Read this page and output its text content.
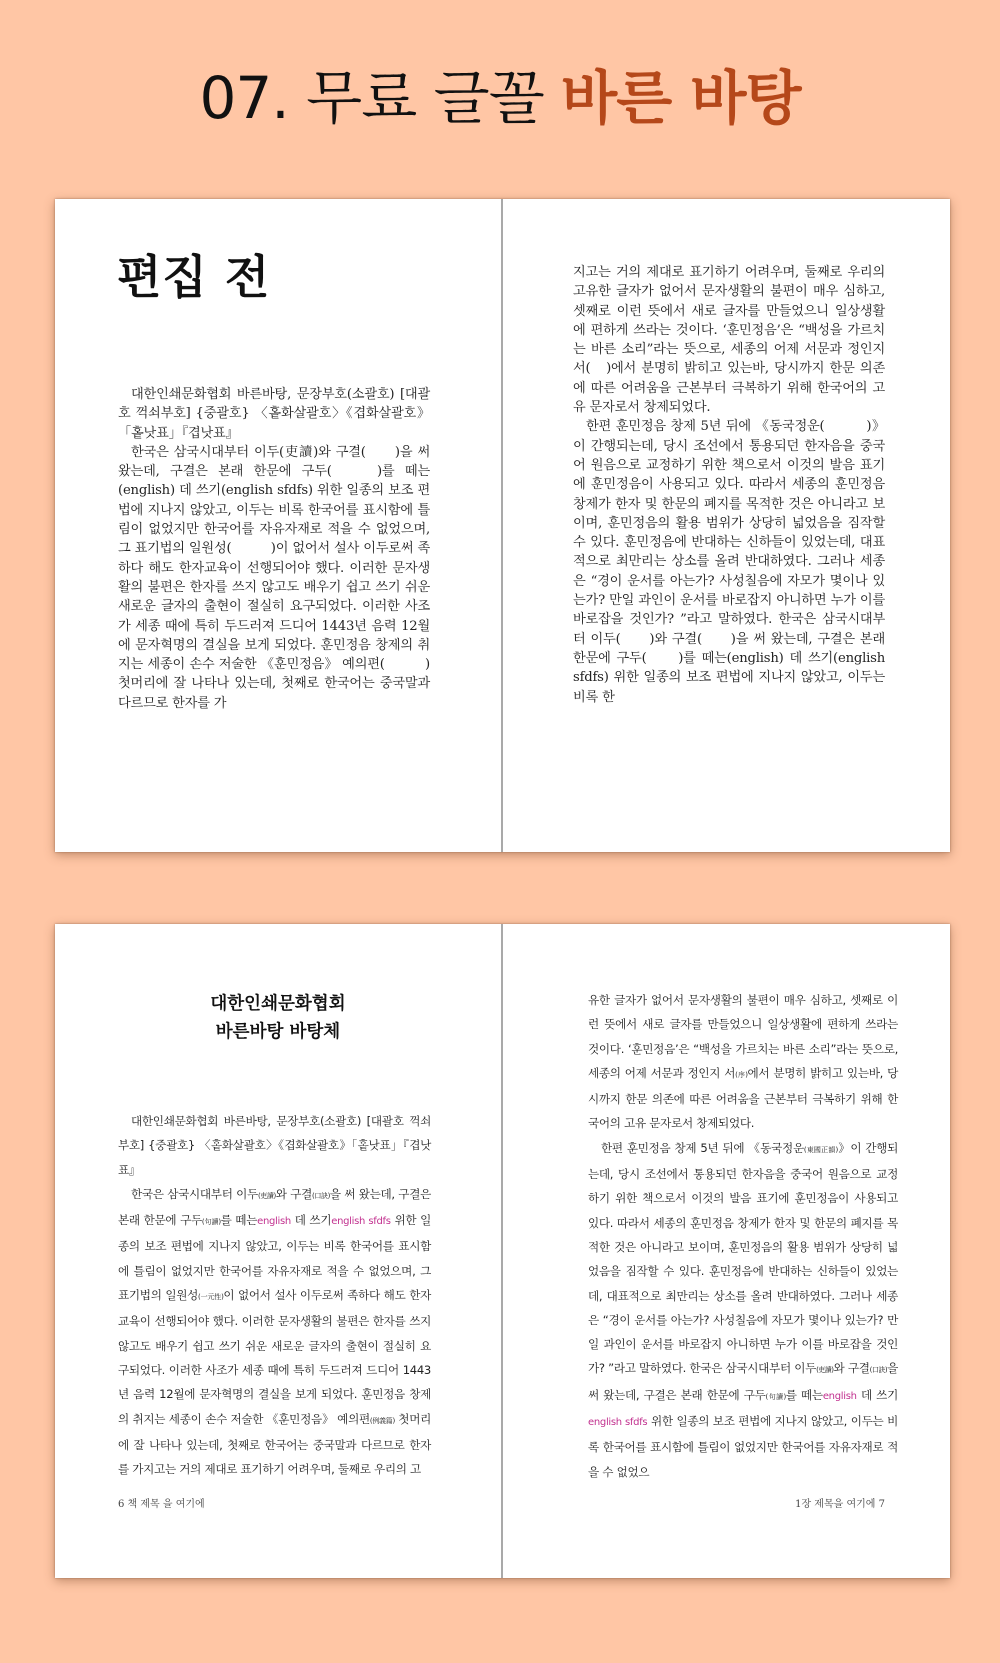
07. 무료 글꼴 바른 바탕
편집 전

대한인쇄문화협회 바른바탕, 문장부호(소괄호) [대괄호 꺽쇠부호] {중괄호} 〈홑화살괄호〉《겹화살괄호》「홑낫표」『겹낫표』

한국은 삼국시대부터 이두(吏讀)와 구결(　　)을 써 왔는데, 구결은 본래 한문에 구두(　　)를 떼는(english) 데 쓰기(english sfdfs) 위한 일종의 보조 편법에 지나지 않았고, 이두는 비록 한국어를 표시함에 틀림이 없었지만 한국어를 자유자재로 적을 수 없었으며, 그 표기법의 일원성(　　　)이 없어서 설사 이두로써 족하다 해도 한자교육이 선행되어야 했다. 이러한 문자생활의 불편은 한자를 쓰지 않고도 배우기 쉽고 쓰기 쉬운 새로운 글자의 출현이 절실히 요구되었다. 이러한 사조가 세종 때에 특히 두드러져 드디어 1443년 음력 12월에 문자혁명의 결실을 보게 되었다. 훈민정음 창제의 취지는 세종이 손수 저술한 《훈민정음》 예의편(　　　) 첫머리에 잘 나타나 있는데, 첫째로 한국어는 중국말과 다르므로 한자를 가

지고는 거의 제대로 표기하기 어려우며, 둘째로 우리의 고유한 글자가 없어서 문자생활의 불편이 매우 심하고, 셋째로 이런 뜻에서 새로 글자를 만들었으니 일상생활에 편하게 쓰라는 것이다. ‘훈민정음’은 “백성을 가르치는 바른 소리”라는 뜻으로, 세종의 어제 서문과 정인지 서(　)에서 분명히 밝히고 있는바, 당시까지 한문 의존에 따른 어려움을 근본부터 극복하기 위해 한국어의 고유 문자로서 창제되었다.

한편 훈민정음 창제 5년 뒤에 《동국정운(　　　)》이 간행되는데, 당시 조선에서 통용되던 한자음을 중국어 원음으로 교정하기 위한 책으로서 이것의 발음 표기에 훈민정음이 사용되고 있다. 따라서 세종의 훈민정음 창제가 한자 및 한문의 폐지를 목적한 것은 아니라고 보이며, 훈민정음의 활용 범위가 상당히 넓었음을 짐작할 수 있다. 훈민정음에 반대하는 신하들이 있었는데, 대표적으로 최만리는 상소를 올려 반대하였다. 그러나 세종은 “경이 운서를 아는가? 사성칠음에 자모가 몇이나 있는가? 만일 과인이 운서를 바로잡지 아니하면 누가 이를 바로잡을 것인가? ”라고 말하였다. 한국은 삼국시대부터 이두(　　)와 구결(　　)을 써 왔는데, 구결은 본래 한문에 구두(　　)를 떼는(english) 데 쓰기(english sfdfs) 위한 일종의 보조 편법에 지나지 않았고, 이두는 비록 한

대한인쇄문화협회
바른바탕 바탕체

대한인쇄문화협회 바른바탕, 문장부호(소괄호) [대괄호 꺽쇠부호] {중괄호} 〈홑화살괄호〉《겹화살괄호》「홑낫표」『겹낫표』

한국은 삼국시대부터 이두(吏讀)와 구결(口訣)을 써 왔는데, 구결은 본래 한문에 구두(句讀)를 떼는english 데 쓰기english sfdfs 위한 일종의 보조 편법에 지나지 않았고, 이두는 비록 한국어를 표시함에 틀림이 없었지만 한국어를 자유자재로 적을 수 없었으며, 그 표기법의 일원성(一元性)이 없어서 설사 이두로써 족하다 해도 한자교육이 선행되어야 했다. 이러한 문자생활의 불편은 한자를 쓰지 않고도 배우기 쉽고 쓰기 쉬운 새로운 글자의 출현이 절실히 요구되었다. 이러한 사조가 세종 때에 특히 두드러져 드디어 1443년 음력 12월에 문자혁명의 결실을 보게 되었다. 훈민정음 창제의 취지는 세종이 손수 저술한 《훈민정음》 예의편(例義篇) 첫머리에 잘 나타나 있는데, 첫째로 한국어는 중국말과 다르므로 한자를 가지고는 거의 제대로 표기하기 어려우며, 둘째로 우리의 고

6 책 제목 을 여기에

유한 글자가 없어서 문자생활의 불편이 매우 심하고, 셋째로 이런 뜻에서 새로 글자를 만들었으니 일상생활에 편하게 쓰라는 것이다. ‘훈민정음’은 “백성을 가르치는 바른 소리”라는 뜻으로, 세종의 어제 서문과 정인지 서(序)에서 분명히 밝히고 있는바, 당시까지 한문 의존에 따른 어려움을 근본부터 극복하기 위해 한국어의 고유 문자로서 창제되었다.

한편 훈민정음 창제 5년 뒤에 《동국정운(東國正韻)》이 간행되는데, 당시 조선에서 통용되던 한자음을 중국어 원음으로 교정하기 위한 책으로서 이것의 발음 표기에 훈민정음이 사용되고 있다. 따라서 세종의 훈민정음 창제가 한자 및 한문의 폐지를 목적한 것은 아니라고 보이며, 훈민정음의 활용 범위가 상당히 넓었음을 짐작할 수 있다. 훈민정음에 반대하는 신하들이 있었는데, 대표적으로 최만리는 상소를 올려 반대하였다. 그러나 세종은 “경이 운서를 아는가? 사성칠음에 자모가 몇이나 있는가? 만일 과인이 운서를 바로잡지 아니하면 누가 이를 바로잡을 것인가? ”라고 말하였다. 한국은 삼국시대부터 이두(吏讀)와 구결(口訣)을 써 왔는데, 구결은 본래 한문에 구두(句讀)를 떼는english 데 쓰기english sfdfs 위한 일종의 보조 편법에 지나지 않았고, 이두는 비록 한국어를 표시함에 틀림이 없었지만 한국어를 자유자재로 적을 수 없었으

1장 제목을 여기에 7
